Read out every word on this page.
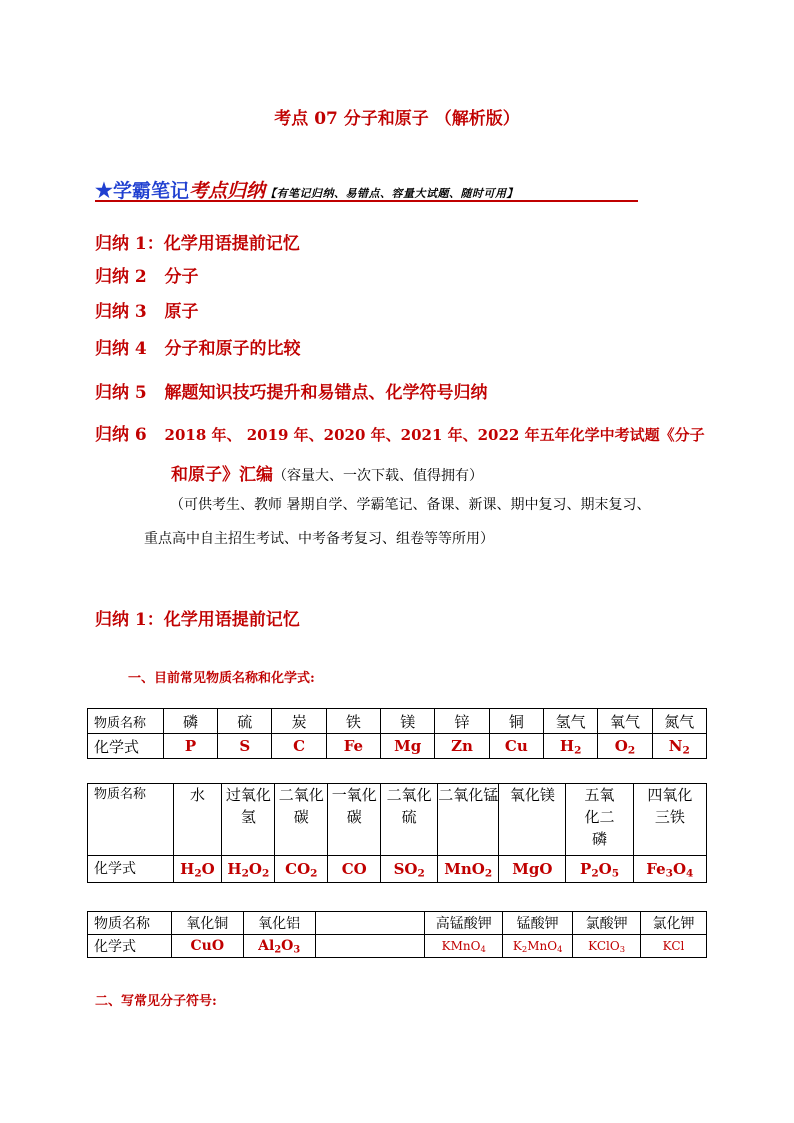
考点 07 分子和原子 （解析版）
★学霸笔记考点归纳【有笔记归纳、易错点、容量大试题、随时可用】
归纳 1：化学用语提前记忆
归纳 2   分子
归纳 3   原子
归纳 4   分子和原子的比较
归纳 5   解题知识技巧提升和易错点、化学符号归纳
归纳 6   2018 年、 2019 年、2020 年、2021 年、2022 年五年化学中考试题《分子
和原子》汇编（容量大、一次下载、值得拥有）
（可供考生、教师 暑期自学、学霸笔记、备课、新课、期中复习、期末复习、
重点高中自主招生考试、中考备考复习、组卷等等所用）
归纳 1：化学用语提前记忆
一、目前常见物质名称和化学式:
物质名称	磷	硫	炭	铁	镁	锌	铜	氢气	氧气	氮气
化学式	P	S	C	Fe	Mg	Zn	Cu	$H_2$	$O_2$	$N_2$
物质名称	水	过氧化氢	二氧化碳	一氧化碳	二氧化硫	二氧化锰	氧化镁	五氧化二磷	四氧化三铁
化学式	$H_2O$	$H_2O_2$	$CO_2$	CO	$SO_2$	MnO$_2$	MgO	$P_2O_5$	$Fe_3O_4$
物质名称	氧化铜	氧化铝		高锰酸钾	锰酸钾	氯酸钾	氯化钾
化学式	CuO	$Al_2O_3$		KMnO$_4$	$K_2MnO_4$	KClO$_3$	KCl
二、写常见分子符号:
